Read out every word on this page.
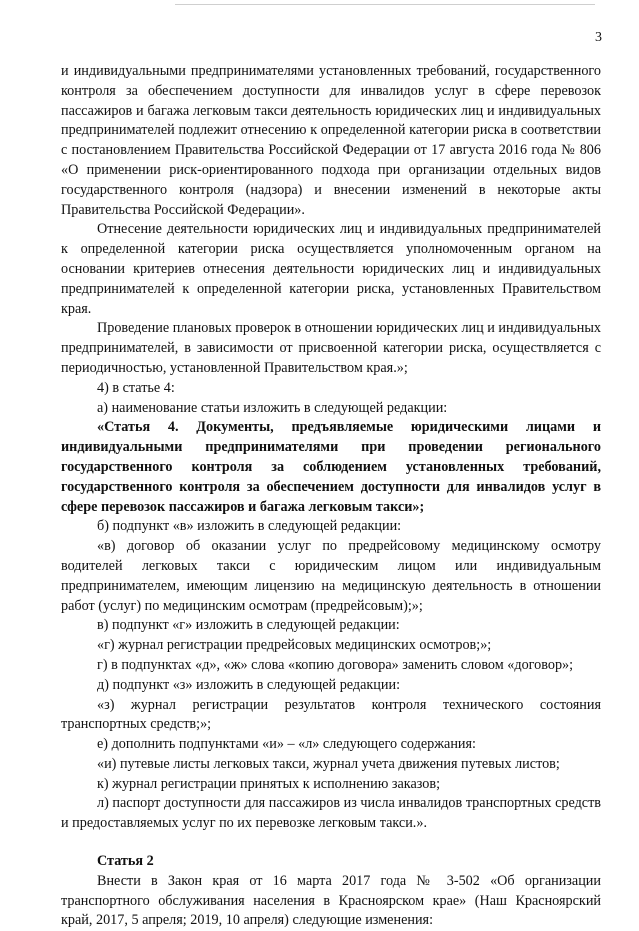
3

и индивидуальными предпринимателями установленных требований, государственного контроля за обеспечением доступности для инвалидов услуг в сфере перевозок пассажиров и багажа легковым такси деятельность юридических лиц и индивидуальных предпринимателей подлежит отнесению к определенной категории риска в соответствии с постановлением Правительства Российской Федерации от 17 августа 2016 года № 806 «О применении риск-ориентированного подхода при организации отдельных видов государственного контроля (надзора) и внесении изменений в некоторые акты Правительства Российской Федерации».

Отнесение деятельности юридических лиц и индивидуальных предпринимателей к определенной категории риска осуществляется уполномоченным органом на основании критериев отнесения деятельности юридических лиц и индивидуальных предпринимателей к определенной категории риска, установленных Правительством края.

Проведение плановых проверок в отношении юридических лиц и индивидуальных предпринимателей, в зависимости от присвоенной категории риска, осуществляется с периодичностью, установленной Правительством края.»;

4) в статье 4:

а) наименование статьи изложить в следующей редакции:

«Статья 4. Документы, предъявляемые юридическими лицами и индивидуальными предпринимателями при проведении регионального государственного контроля за соблюдением установленных требований, государственного контроля за обеспечением доступности для инвалидов услуг в сфере перевозок пассажиров и багажа легковым такси»;

б) подпункт «в» изложить в следующей редакции:

«в) договор об оказании услуг по предрейсовому медицинскому осмотру водителей легковых такси с юридическим лицом или индивидуальным предпринимателем, имеющим лицензию на медицинскую деятельность в отношении работ (услуг) по медицинским осмотрам (предрейсовым);»;

в) подпункт «г» изложить в следующей редакции:

«г) журнал регистрации предрейсовых медицинских осмотров;»;

г) в подпунктах «д», «ж» слова «копию договора» заменить словом «договор»;

д) подпункт «з» изложить в следующей редакции:

«з) журнал регистрации результатов контроля технического состояния транспортных средств;»;

е) дополнить подпунктами «и» – «л» следующего содержания:

«и) путевые листы легковых такси, журнал учета движения путевых листов;

к) журнал регистрации принятых к исполнению заказов;

л) паспорт доступности для пассажиров из числа инвалидов транспортных средств и предоставляемых услуг по их перевозке легковым такси.».

Статья 2

Внести в Закон края от 16 марта 2017 года № 3-502 «Об организации транспортного обслуживания населения в Красноярском крае» (Наш Красноярский край, 2017, 5 апреля; 2019, 10 апреля) следующие изменения:
